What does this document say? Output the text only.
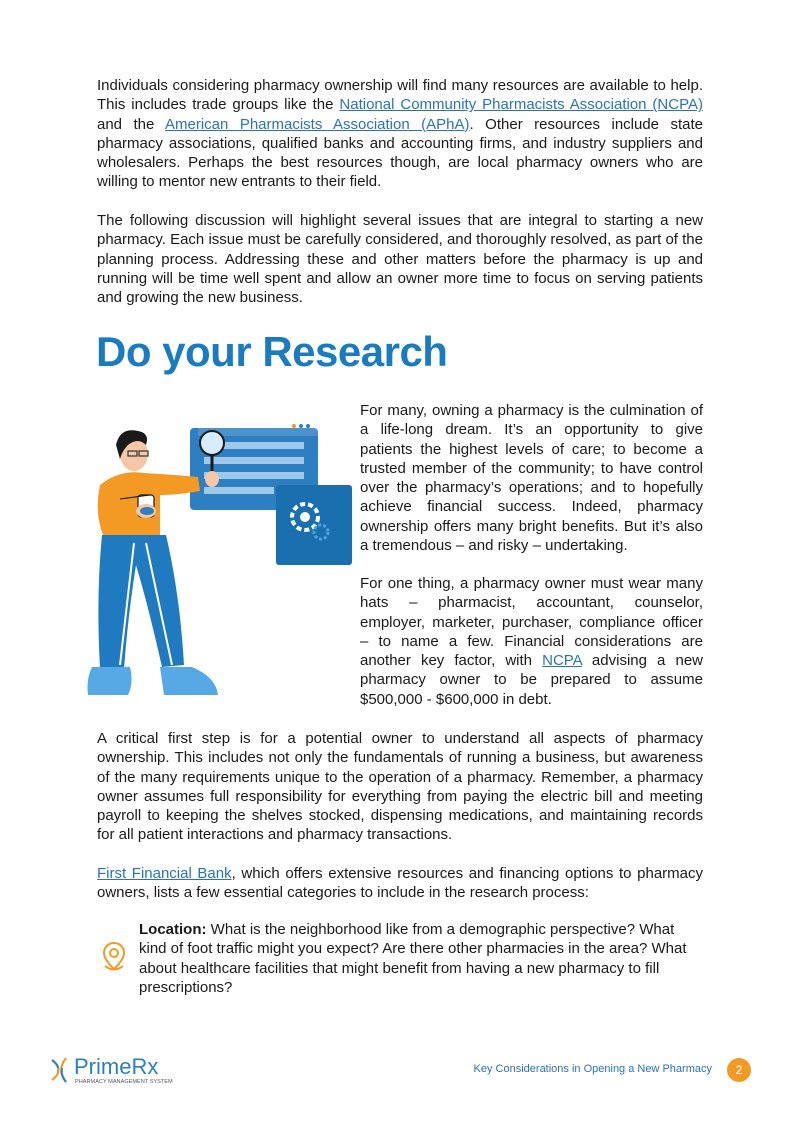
Individuals considering pharmacy ownership will find many resources are available to help. This includes trade groups like the National Community Pharmacists Association (NCPA) and the American Pharmacists Association (APhA). Other resources include state pharmacy associations, qualified banks and accounting firms, and industry suppliers and wholesalers. Perhaps the best resources though, are local pharmacy owners who are willing to mentor new entrants to their field.

The following discussion will highlight several issues that are integral to starting a new pharmacy. Each issue must be carefully considered, and thoroughly resolved, as part of the planning process. Addressing these and other matters before the pharmacy is up and running will be time well spent and allow an owner more time to focus on serving patients and growing the new business.

Do your Research

For many, owning a pharmacy is the culmination of a life-long dream. It’s an opportunity to give patients the highest levels of care; to become a trusted member of the community; to have control over the pharmacy’s operations; and to hopefully achieve financial success. Indeed, pharmacy ownership offers many bright benefits. But it’s also a tremendous – and risky – undertaking.

For one thing, a pharmacy owner must wear many hats – pharmacist, accountant, counselor, employer, marketer, purchaser, compliance officer – to name a few. Financial considerations are another key factor, with NCPA advising a new pharmacy owner to be prepared to assume $500,000 - $600,000 in debt.

A critical first step is for a potential owner to understand all aspects of pharmacy ownership. This includes not only the fundamentals of running a business, but awareness of the many requirements unique to the operation of a pharmacy. Remember, a pharmacy owner assumes full responsibility for everything from paying the electric bill and meeting payroll to keeping the shelves stocked, dispensing medications, and maintaining records for all patient interactions and pharmacy transactions.

First Financial Bank, which offers extensive resources and financing options to pharmacy owners, lists a few essential categories to include in the research process:

Location: What is the neighborhood like from a demographic perspective? What kind of foot traffic might you expect? Are there other pharmacies in the area? What about healthcare facilities that might benefit from having a new pharmacy to fill prescriptions?

PrimeRx
PHARMACY MANAGEMENT SYSTEM
Key Considerations in Opening a New Pharmacy	2
